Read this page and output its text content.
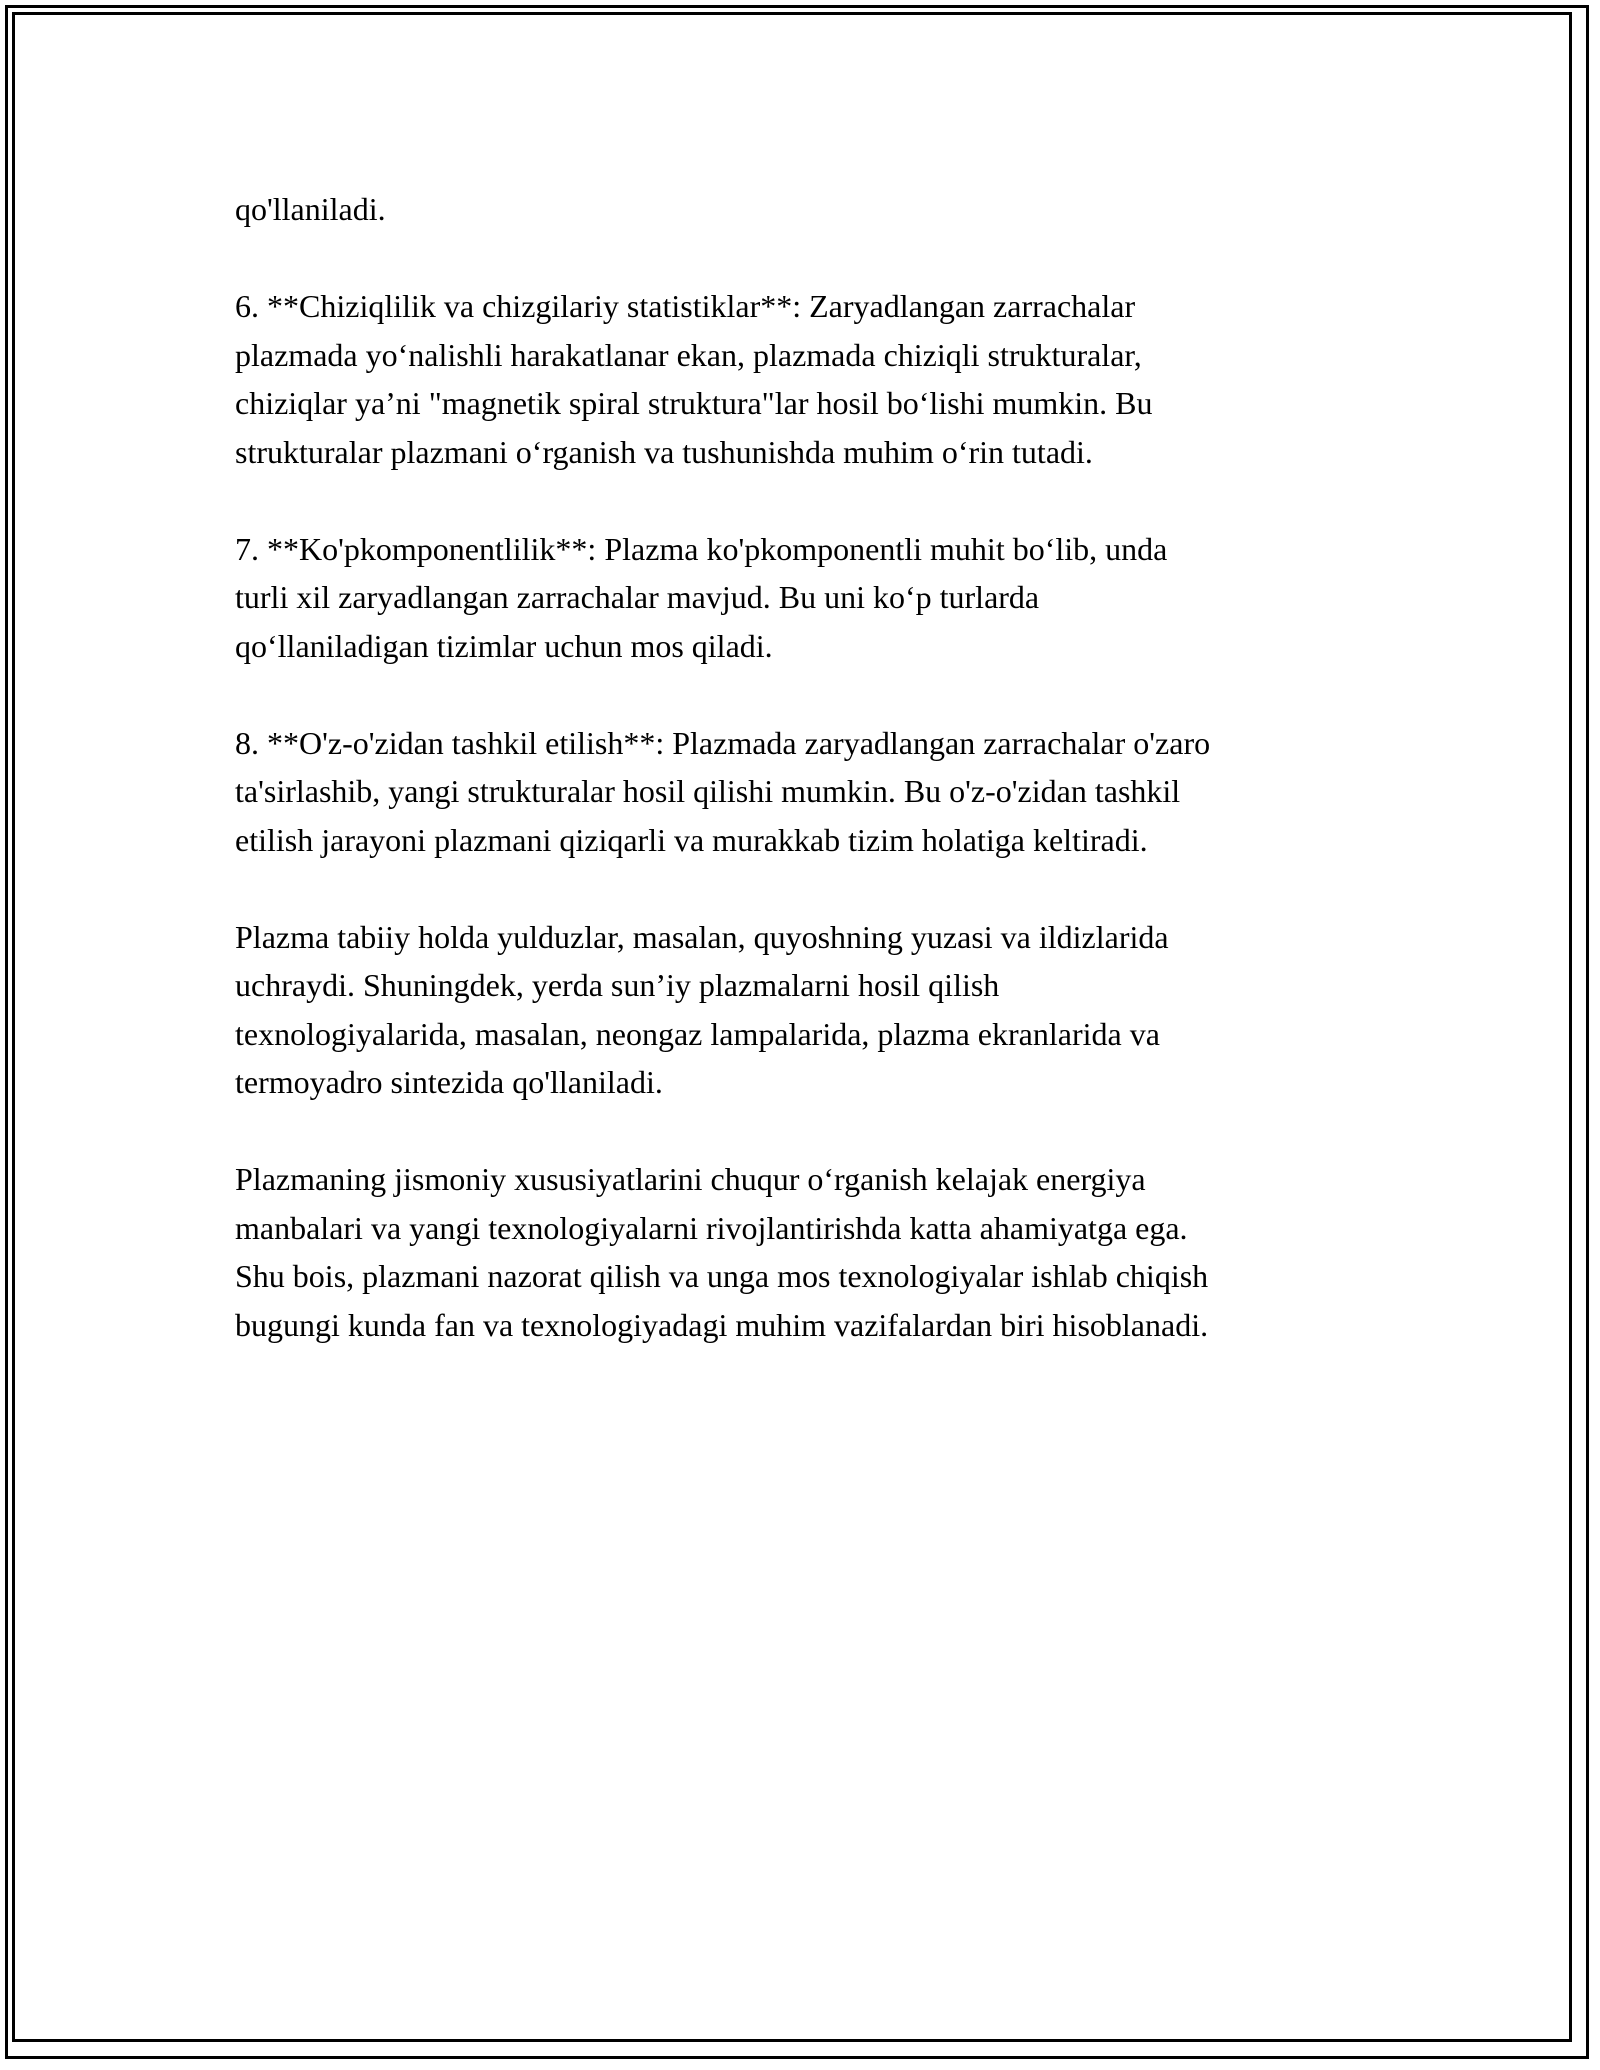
qo'llaniladi.

6. **Chiziqlilik va chizgilariy statistiklar**: Zaryadlangan zarrachalar
plazmada yo‘nalishli harakatlanar ekan, plazmada chiziqli strukturalar,
chiziqlar ya’ni "magnetik spiral struktura"lar hosil bo‘lishi mumkin. Bu
strukturalar plazmani o‘rganish va tushunishda muhim o‘rin tutadi.

7. **Ko'pkomponentlilik**: Plazma ko'pkomponentli muhit bo‘lib, unda
turli xil zaryadlangan zarrachalar mavjud. Bu uni ko‘p turlarda
qo‘llaniladigan tizimlar uchun mos qiladi.

8. **O'z-o'zidan tashkil etilish**: Plazmada zaryadlangan zarrachalar o'zaro
ta'sirlashib, yangi strukturalar hosil qilishi mumkin. Bu o'z-o'zidan tashkil
etilish jarayoni plazmani qiziqarli va murakkab tizim holatiga keltiradi.

Plazma tabiiy holda yulduzlar, masalan, quyoshning yuzasi va ildizlarida
uchraydi. Shuningdek, yerda sun’iy plazmalarni hosil qilish
texnologiyalarida, masalan, neongaz lampalarida, plazma ekranlarida va
termoyadro sintezida qo'llaniladi.

Plazmaning jismoniy xususiyatlarini chuqur o‘rganish kelajak energiya
manbalari va yangi texnologiyalarni rivojlantirishda katta ahamiyatga ega.
Shu bois, plazmani nazorat qilish va unga mos texnologiyalar ishlab chiqish
bugungi kunda fan va texnologiyadagi muhim vazifalardan biri hisoblanadi.
